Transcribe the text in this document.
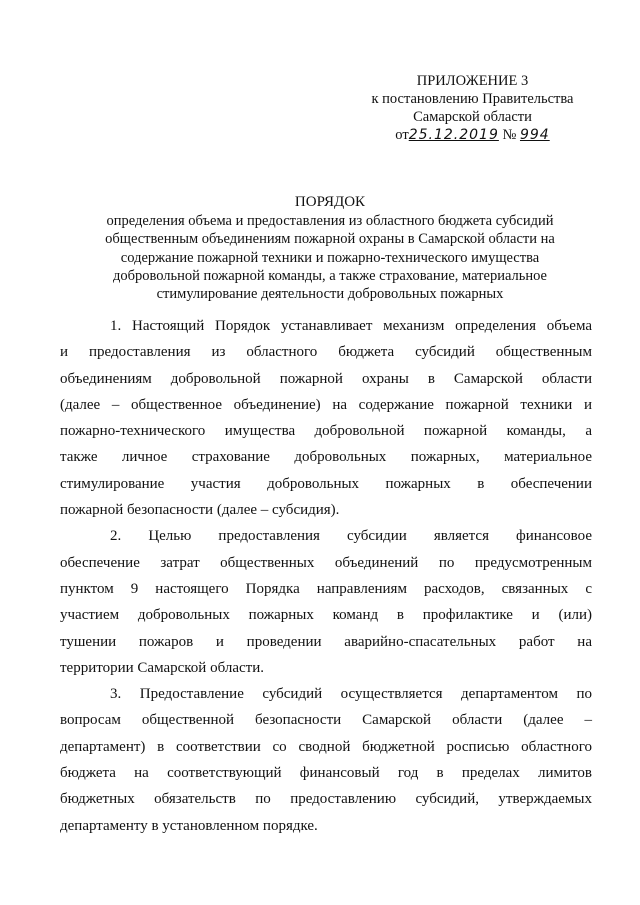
ПРИЛОЖЕНИЕ 3
к постановлению Правительства
Самарской области
от25.12.2019 № 994
ПОРЯДОК
определения объема и предоставления из областного бюджета субсидий
общественным объединениям пожарной охраны в Самарской области на
содержание пожарной техники и пожарно-технического имущества
добровольной пожарной команды, а также страхование, материальное
стимулирование деятельности добровольных пожарных
1. Настоящий Порядок устанавливает механизм определения объема
и предоставления из областного бюджета субсидий общественным
объединениям добровольной пожарной охраны в Самарской области
(далее – общественное объединение) на содержание пожарной техники и
пожарно-технического имущества добровольной пожарной команды, а
также личное страхование добровольных пожарных, материальное
стимулирование участия добровольных пожарных в обеспечении
пожарной безопасности (далее – субсидия).
2. Целью предоставления субсидии является финансовое
обеспечение затрат общественных объединений по предусмотренным
пунктом 9 настоящего Порядка направлениям расходов, связанных с
участием добровольных пожарных команд в профилактике и (или)
тушении пожаров и проведении аварийно-спасательных работ на
территории Самарской области.
3. Предоставление субсидий осуществляется департаментом по
вопросам общественной безопасности Самарской области (далее –
департамент) в соответствии со сводной бюджетной росписью областного
бюджета на соответствующий финансовый год в пределах лимитов
бюджетных обязательств по предоставлению субсидий, утверждаемых
департаменту в установленном порядке.
